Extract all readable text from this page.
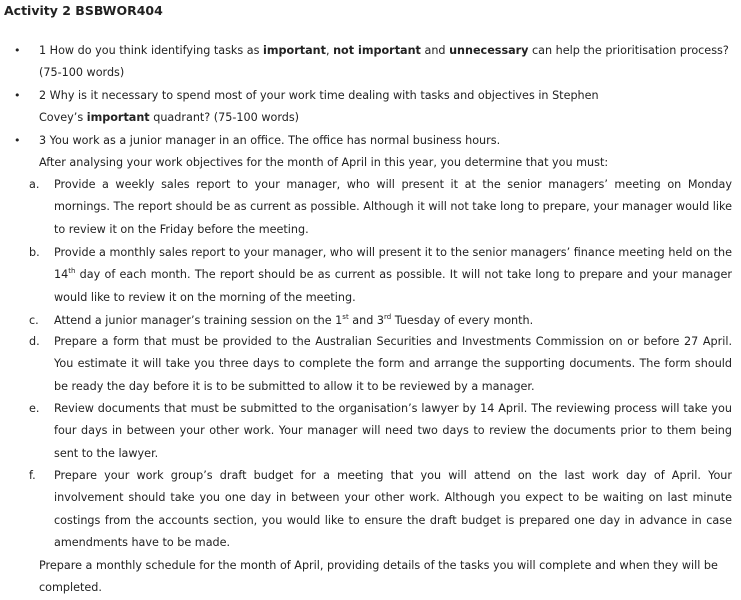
Activity 2 BSBWOR404
• 1 How do you think identifying tasks as important, not important and unnecessary can help the prioritisation process? (75-100 words)
• 2 Why is it necessary to spend most of your work time dealing with tasks and objectives in Stephen

Covey’s important quadrant? (75-100 words)

• 3 You work as a junior manager in an office. The office has normal business hours.

After analysing your work objectives for the month of April in this year, you determine that you must:

a. Provide a weekly sales report to your manager, who will present it at the senior managers’ meeting on Monday mornings. The report should be as current as possible. Although it will not take long to prepare, your manager would like to review it on the Friday before the meeting.
b. Provide a monthly sales report to your manager, who will present it to the senior managers’ finance meeting held on the 14th day of each month. The report should be as current as possible. It will not take long to prepare and your manager would like to review it on the morning of the meeting.
c. Attend a junior manager’s training session on the 1st and 3rd Tuesday of every month.
d. Prepare a form that must be provided to the Australian Securities and Investments Commission on or before 27 April. You estimate it will take you three days to complete the form and arrange the supporting documents. The form should be ready the day before it is to be submitted to allow it to be reviewed by a manager.
e. Review documents that must be submitted to the organisation’s lawyer by 14 April. The reviewing process will take you four days in between your other work. Your manager will need two days to review the documents prior to them being sent to the lawyer.
f. Prepare your work group’s draft budget for a meeting that you will attend on the last work day of April. Your involvement should take you one day in between your other work. Although you expect to be waiting on last minute costings from the accounts section, you would like to ensure the draft budget is prepared one day in advance in case amendments have to be made.
Prepare a monthly schedule for the month of April, providing details of the tasks you will complete and when they will be completed.
